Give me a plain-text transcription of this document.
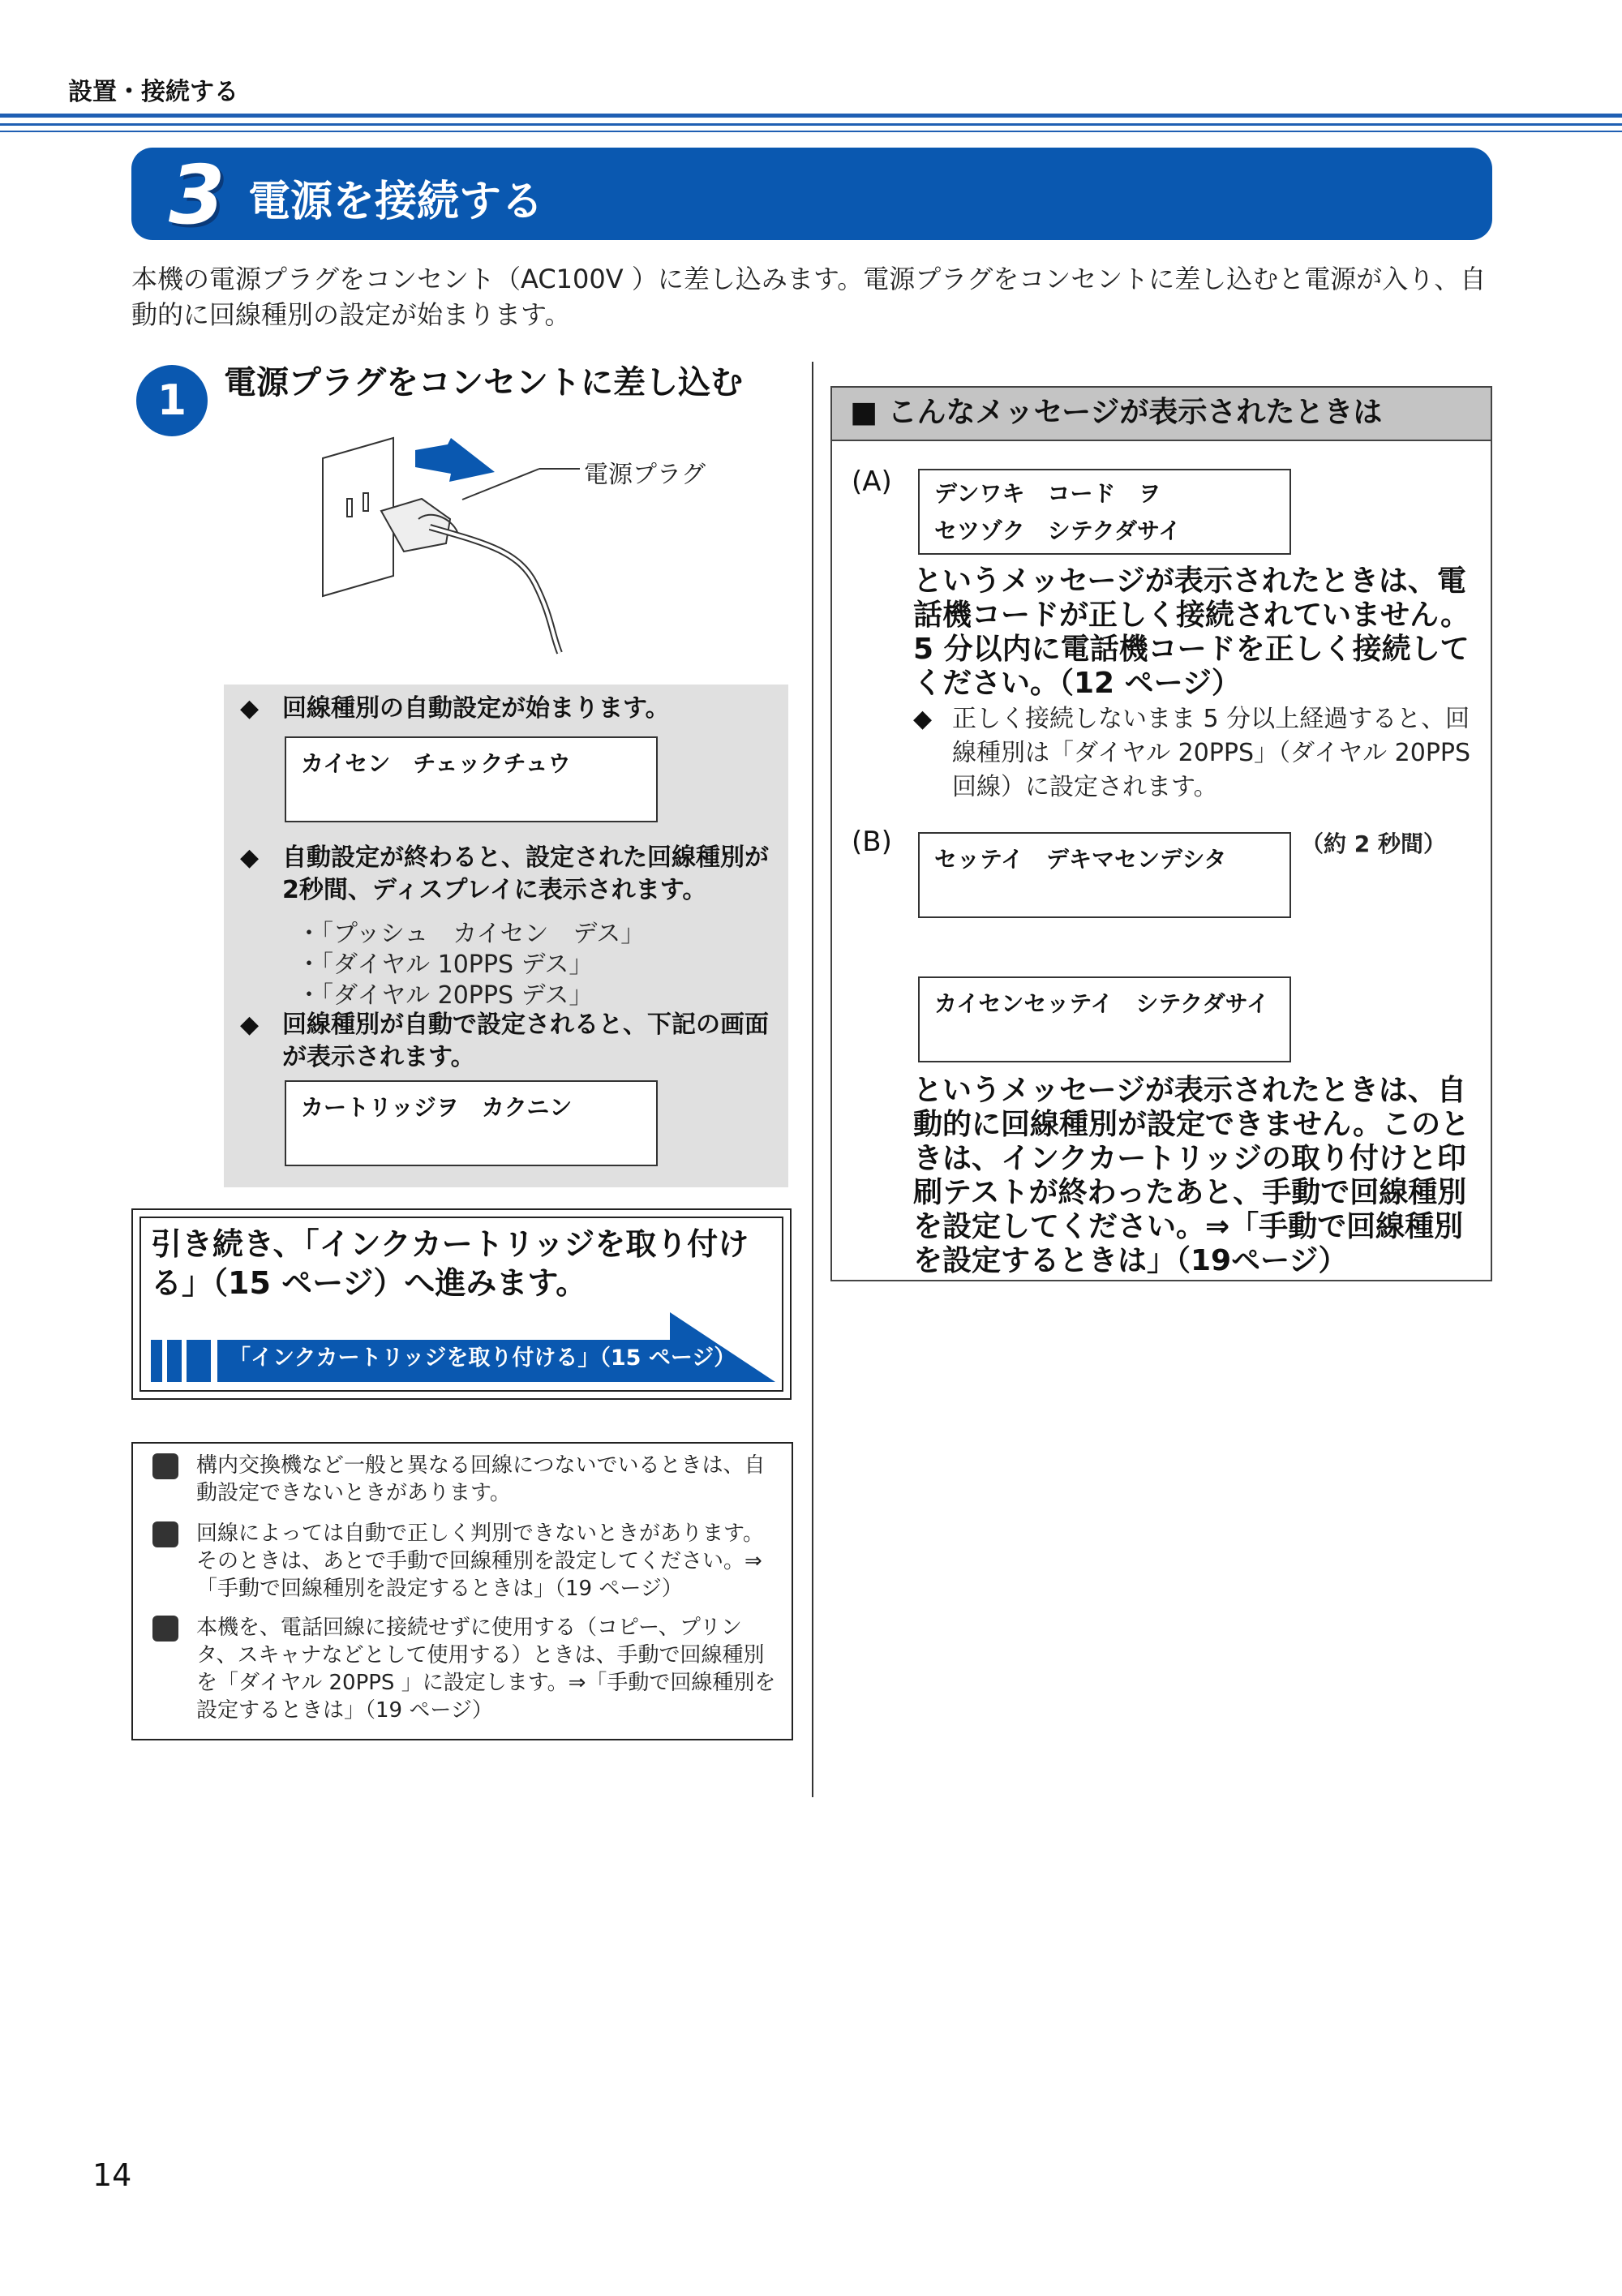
設置・接続する
3 電源を接続する
本機の電源プラグをコンセント（AC100V ）に差し込みます。電源プラグをコンセントに差し込むと電源が入り、自動的に回線種別の設定が始まります。
1	電源プラグをコンセントに差し込む
電源プラグ
◆ 回線種別の自動設定が始まります。
カイセン　チェックチュウ
◆ 自動設定が終わると、設定された回線種別が2秒間、ディスプレイに表示されます。
・「プッシュ　カイセン　デス」
・「ダイヤル 10PPS デス」
・「ダイヤル 20PPS デス」
◆ 回線種別が自動で設定されると、下記の画面が表示されます。
カートリッジヲ　カクニン
引き続き、「インクカートリッジを取り付ける」（15 ページ）へ進みます。
「インクカートリッジを取り付ける」（15 ページ）
構内交換機など一般と異なる回線につないでいるときは、自動設定できないときがあります。
回線によっては自動で正しく判別できないときがあります。そのときは、あとで手動で回線種別を設定してください。⇒「手動で回線種別を設定するときは」（19 ページ）
本機を、電話回線に接続せずに使用する（コピー、プリンタ、スキャナなどとして使用する）ときは、手動で回線種別を「ダイヤル 20PPS 」に設定します。⇒「手動で回線種別を設定するときは」（19 ページ）
■ こんなメッセージが表示されたときは
(A) デンワキ　コード　ヲ
セツゾク　シテクダサイ
というメッセージが表示されたときは、電話機コードが正しく接続されていません。5 分以内に電話機コードを正しく接続してください。（12 ページ）
◆ 正しく接続しないまま 5 分以上経過すると、回線種別は「ダイヤル 20PPS」（ダイヤル 20PPS 回線）に設定されます。
(B)
セッテイ　デキマセンデシタ
（約 2 秒間）
カイセンセッテイ　シテクダサイ
というメッセージが表示されたときは、自動的に回線種別が設定できません。このときは、インクカートリッジの取り付けと印刷テストが終わったあと、手動で回線種別を設定してください。⇒「手動で回線種別を設定するときは」（19ページ）
14
